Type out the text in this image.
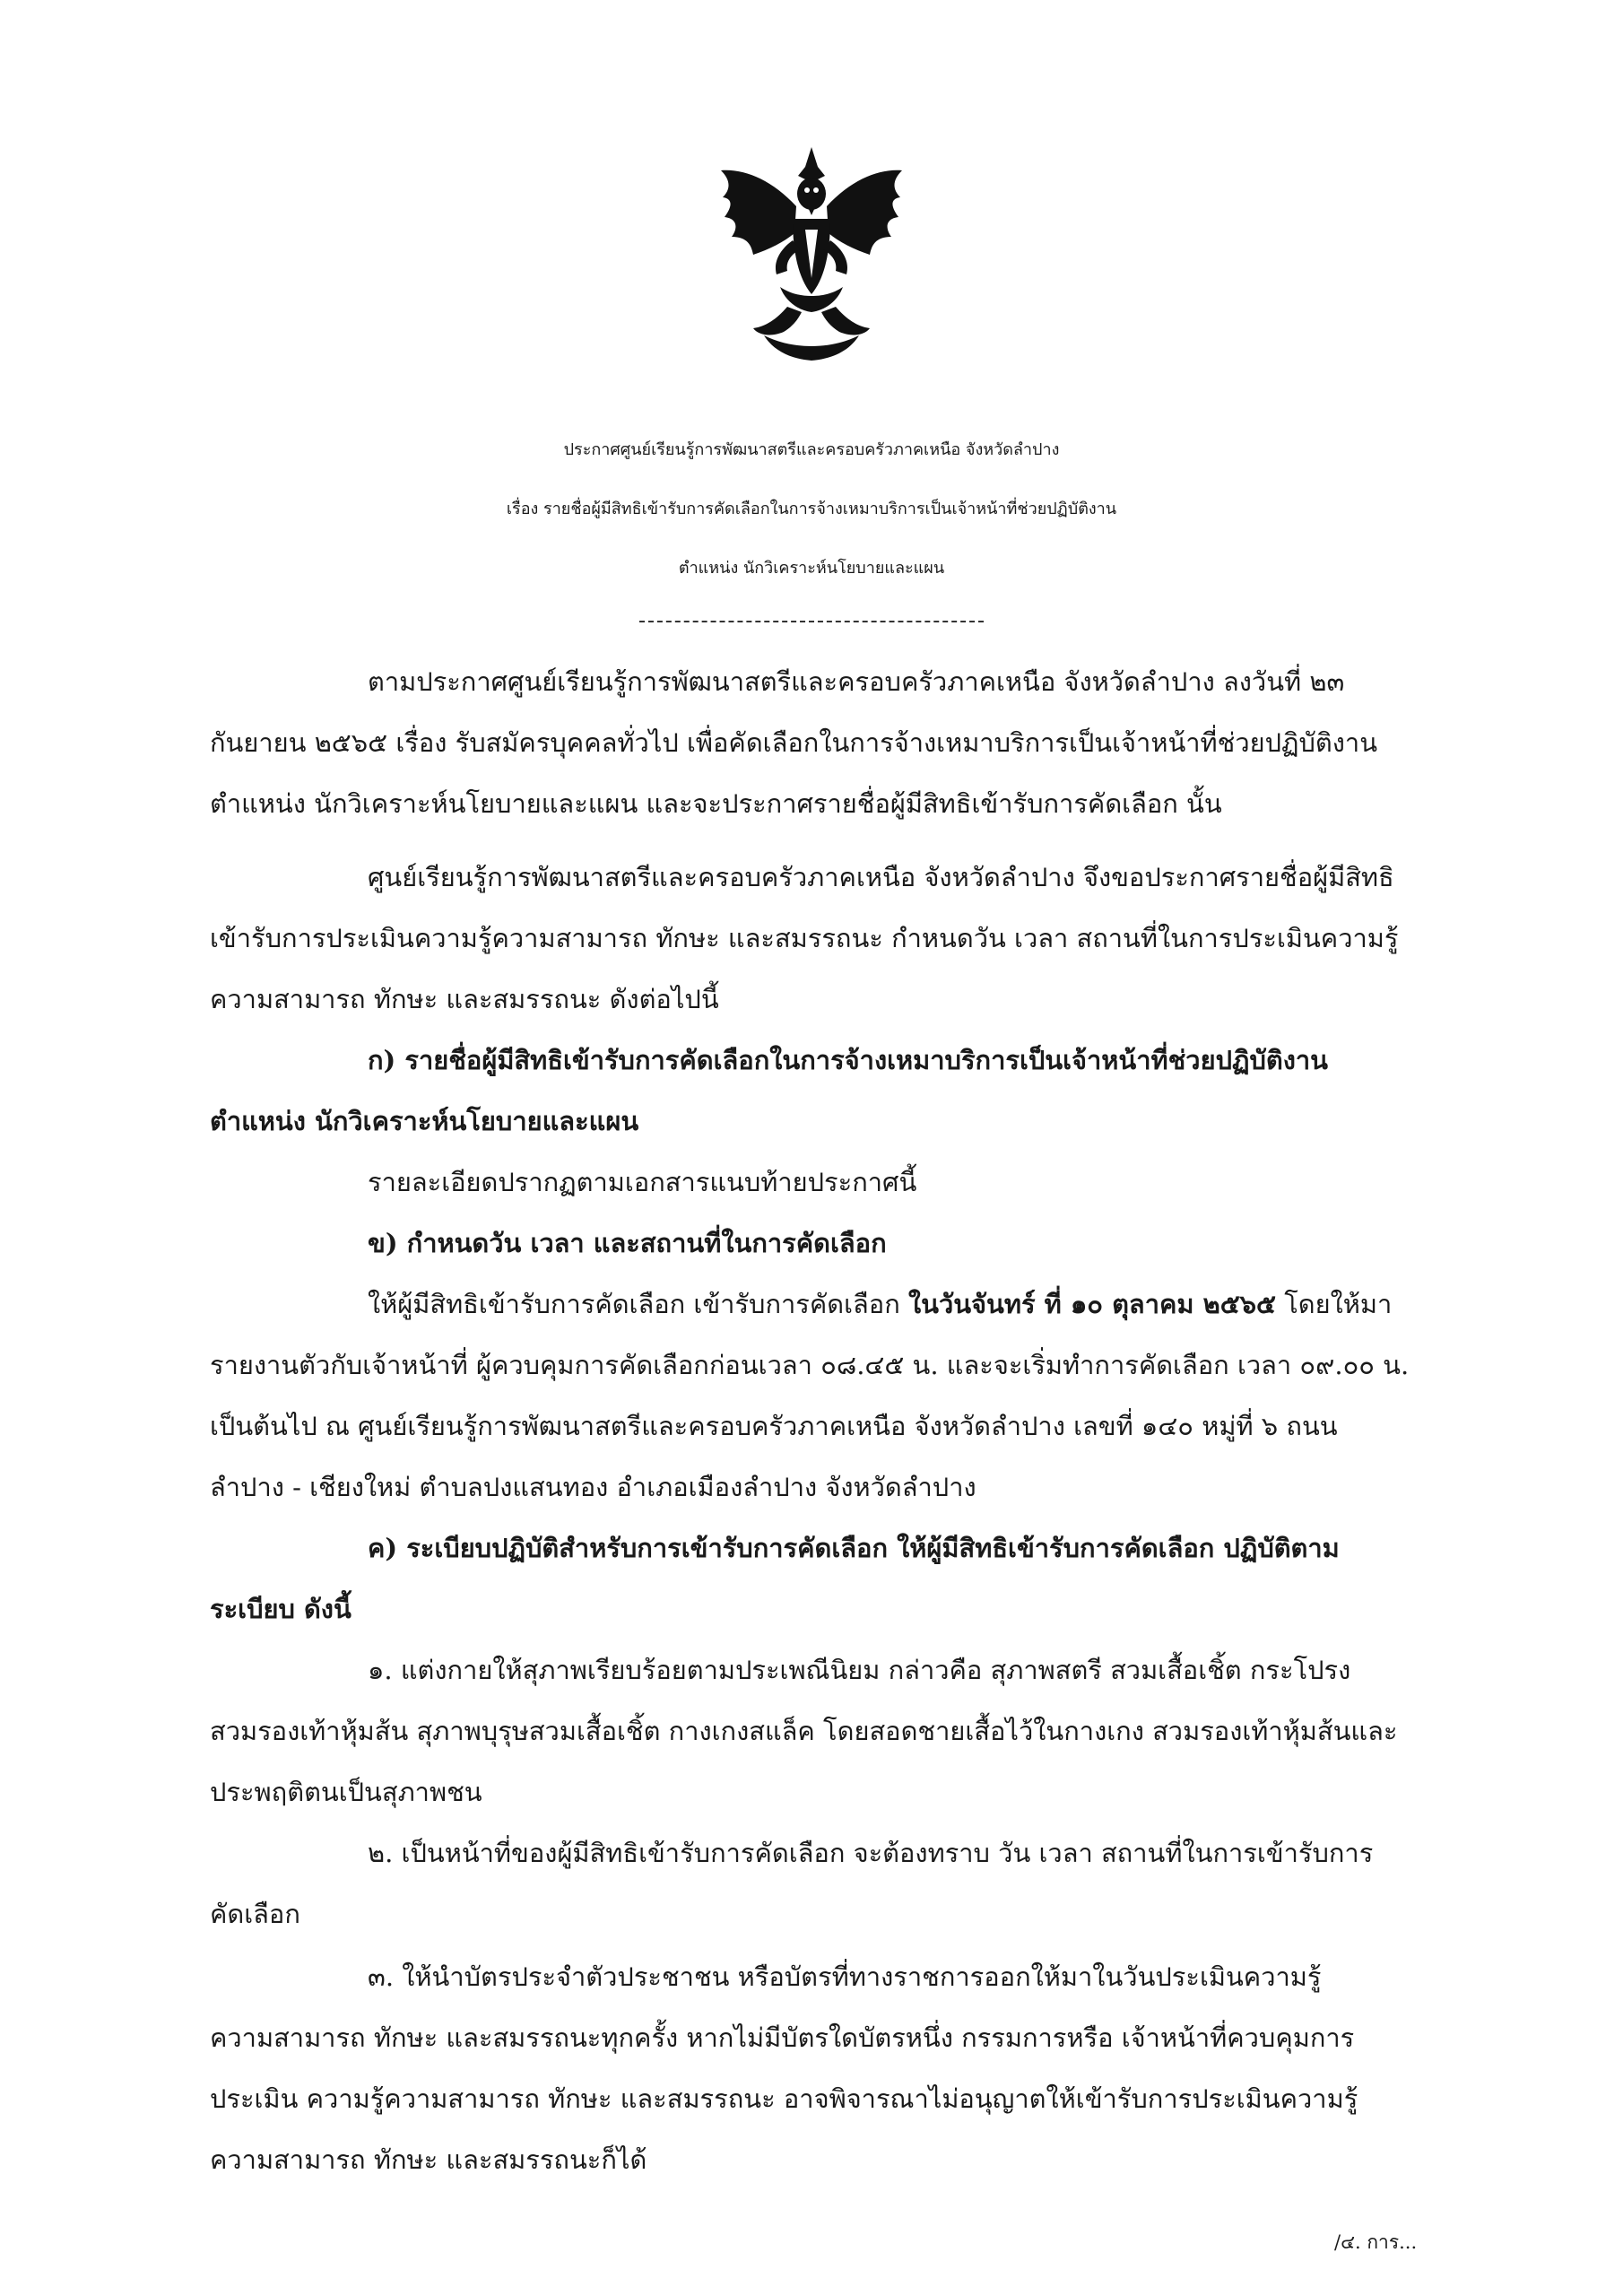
ประกาศศูนย์เรียนรู้การพัฒนาสตรีและครอบครัวภาคเหนือ จังหวัดลำปาง
เรื่อง รายชื่อผู้มีสิทธิเข้ารับการคัดเลือกในการจ้างเหมาบริการเป็นเจ้าหน้าที่ช่วยปฏิบัติงาน
ตำแหน่ง นักวิเคราะห์นโยบายและแผน
ตามประกาศศูนย์เรียนรู้การพัฒนาสตรีและครอบครัวภาคเหนือ จังหวัดลำปาง ลงวันที่ ๒๓
กันยายน ๒๕๖๕ เรื่อง รับสมัครบุคคลทั่วไป เพื่อคัดเลือกในการจ้างเหมาบริการเป็นเจ้าหน้าที่ช่วยปฏิบัติงาน
ตำแหน่ง นักวิเคราะห์นโยบายและแผน และจะประกาศรายชื่อผู้มีสิทธิเข้ารับการคัดเลือก นั้น
ศูนย์เรียนรู้การพัฒนาสตรีและครอบครัวภาคเหนือ จังหวัดลำปาง จึงขอประกาศรายชื่อผู้มีสิทธิ
เข้ารับการประเมินความรู้ความสามารถ ทักษะ และสมรรถนะ กำหนดวัน เวลา สถานที่ในการประเมินความรู้
ความสามารถ ทักษะ และสมรรถนะ ดังต่อไปนี้
ก) รายชื่อผู้มีสิทธิเข้ารับการคัดเลือกในการจ้างเหมาบริการเป็นเจ้าหน้าที่ช่วยปฏิบัติงาน
ตำแหน่ง นักวิเคราะห์นโยบายและแผน
รายละเอียดปรากฏตามเอกสารแนบท้ายประกาศนี้
ข) กำหนดวัน เวลา และสถานที่ในการคัดเลือก
ให้ผู้มีสิทธิเข้ารับการคัดเลือก เข้ารับการคัดเลือก ในวันจันทร์ ที่ ๑๐ ตุลาคม ๒๕๖๕ โดยให้มา
รายงานตัวกับเจ้าหน้าที่ ผู้ควบคุมการคัดเลือกก่อนเวลา ๐๘.๔๕ น. และจะเริ่มทำการคัดเลือก เวลา ๐๙.๐๐ น.
เป็นต้นไป ณ ศูนย์เรียนรู้การพัฒนาสตรีและครอบครัวภาคเหนือ จังหวัดลำปาง เลขที่ ๑๔๐ หมู่ที่ ๖ ถนน
ลำปาง - เชียงใหม่ ตำบลปงแสนทอง อำเภอเมืองลำปาง จังหวัดลำปาง
ค) ระเบียบปฏิบัติสำหรับการเข้ารับการคัดเลือก ให้ผู้มีสิทธิเข้ารับการคัดเลือก ปฏิบัติตาม
ระเบียบ ดังนี้
๑. แต่งกายให้สุภาพเรียบร้อยตามประเพณีนิยม กล่าวคือ สุภาพสตรี สวมเสื้อเชิ้ต กระโปรง
สวมรองเท้าหุ้มส้น สุภาพบุรุษสวมเสื้อเชิ้ต กางเกงสแล็ค โดยสอดชายเสื้อไว้ในกางเกง สวมรองเท้าหุ้มส้นและ
ประพฤติตนเป็นสุภาพชน
๒. เป็นหน้าที่ของผู้มีสิทธิเข้ารับการคัดเลือก จะต้องทราบ วัน เวลา สถานที่ในการเข้ารับการ
คัดเลือก
๓. ให้นำบัตรประจำตัวประชาชน หรือบัตรที่ทางราชการออกให้มาในวันประเมินความรู้
ความสามารถ ทักษะ และสมรรถนะทุกครั้ง หากไม่มีบัตรใดบัตรหนึ่ง กรรมการหรือ เจ้าหน้าที่ควบคุมการ
ประเมิน ความรู้ความสามารถ ทักษะ และสมรรถนะ อาจพิจารณาไม่อนุญาตให้เข้ารับการประเมินความรู้
ความสามารถ ทักษะ และสมรรถนะก็ได้
/๔. การ...
